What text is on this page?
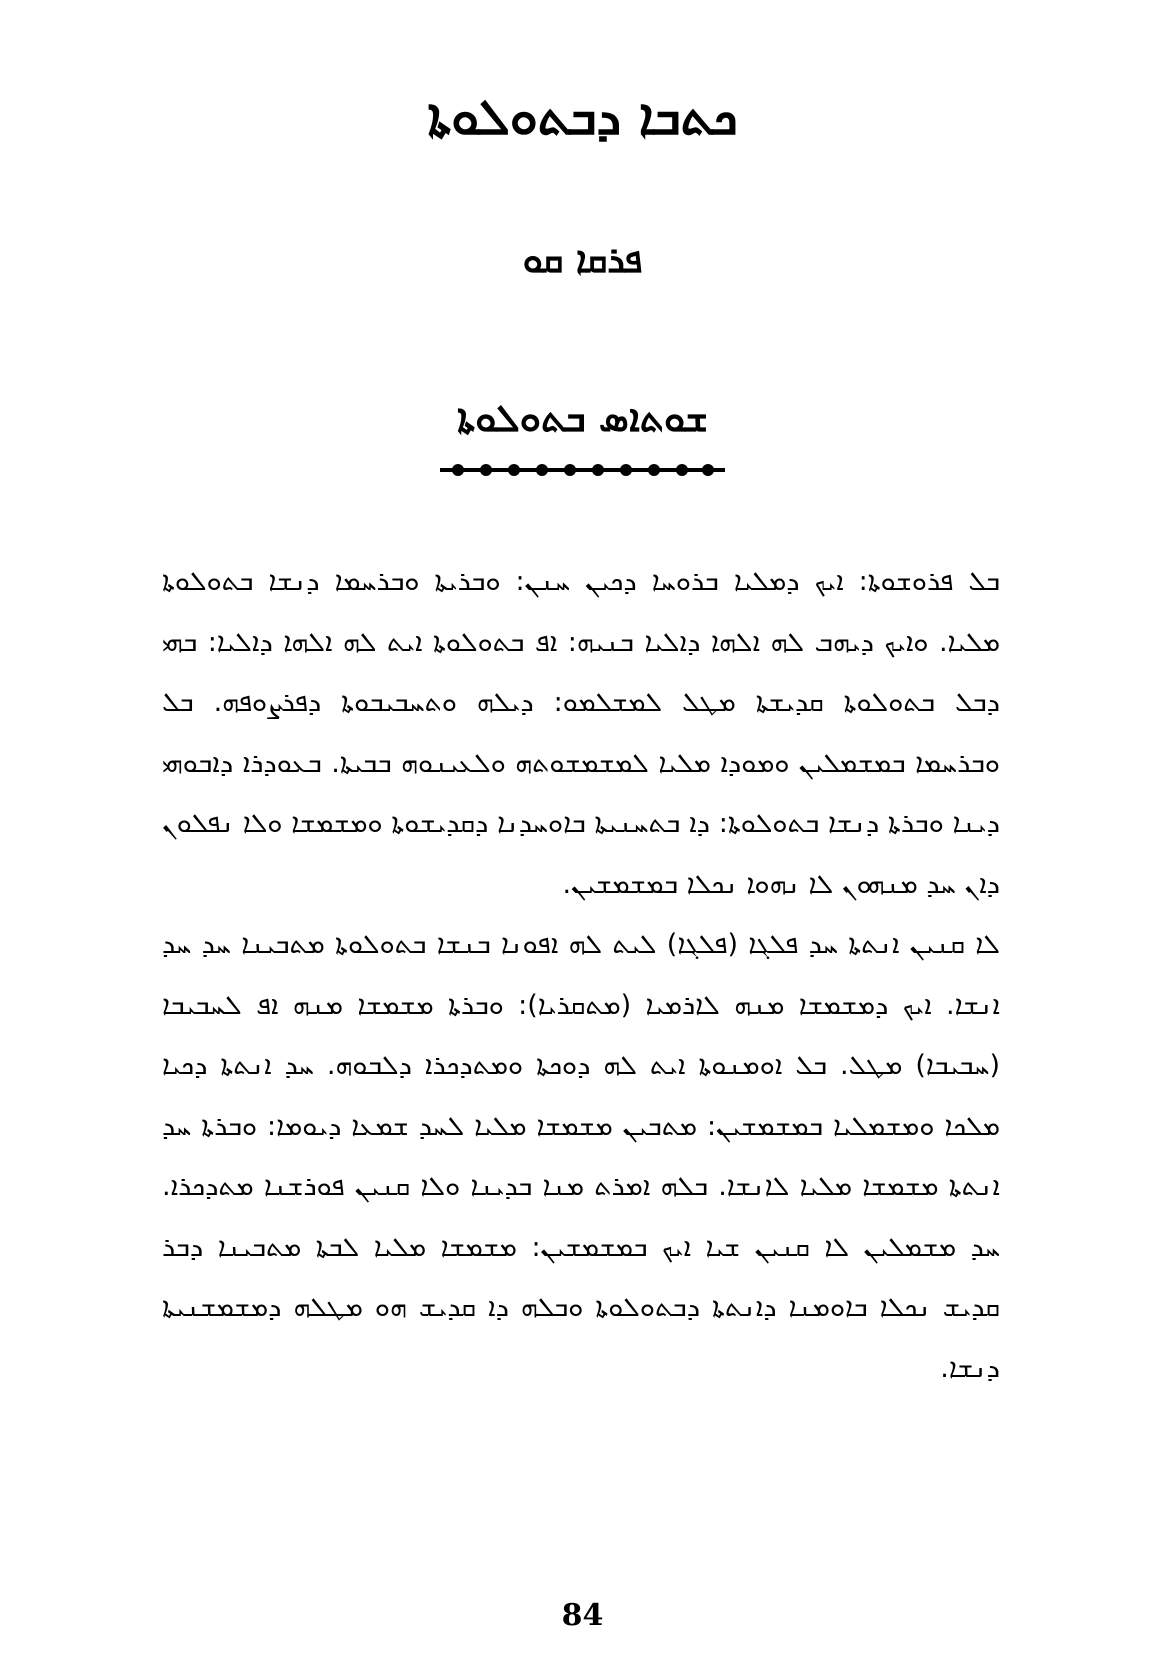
ܟܬܒܐ ܕܒܬܘܠܘܬܐ
ܦܪܩܐ ܩܘ
ܫܘܬܐܣ ܒܬܘܠܘܬܐ

ܒܠ ܦܪܘܫܘܬܐ: ܐܝܟ ܕܡܠܝܐ ܒܪܘܚܐ ܕܟܝܢ ܚܢܢ: ܘܒܪܝܬܐ ܘܒܪܚܡܐ ܕܢܫܐ ܒܬܘܠܘܬܐ ܡܠܝܐ. ܘܐܝܟ ܕܝܗܒ ܠܗ ܐܠܗܐ ܕܐܠܝܐ ܒܢܝܗ: ܐܦ ܒܬܘܠܘܬܐ ܐܝܬ ܠܗ ܐܠܗܐ ܕܐܠܝܐ: ܒܗܝ ܕܒܠ ܒܬܘܠܘܬܐ ܩܕܝܫܬܐ ܡܛܠ ܠܡܫܠܡܘ: ܕܝܠܗ ܘܬܚܒܝܒܘܬܐ ܕܦܪܨܘܦܗ. ܒܠ ܘܒܪܚܡܐ ܒܡܫܡܠܝܢ ܘܡܘܕܐ ܡܠܝܐ ܠܡܫܡܫܘܬܗ ܘܠܥܝܢܘܗ ܒܒܝܬܐ. ܒܥܘܕܪܐ ܕܐܒܘܗܝ ܕܝܢܐ ܘܒܪܬܐ ܕܢܫܐ ܒܬܘܠܘܬܐ: ܕܐ ܒܬܚܢܝܬܐ ܒܐܘܚܕܢܐ ܕܩܕܝܫܘܬܐ ܘܡܫܡܫܐ ܘܠܐ ܢܦܠܘܢ ܕܐܢ ܚܕ ܡܢܗܘܢ ܠܐ ܢܗܘܐ ܢܟܠܐ ܒܡܫܡܫܝܢ.

ܠܐ ܩܢܝܢ ܐܢܬܬܐ ܚܕ ܦܠܓܐ (ܦܠܓܐ) ܠܝܬ ܠܗ ܐܦܘܢܐ ܒܢܫܐ ܒܬܘܠܘܬܐ ܡܬܒܝܢܐ ܚܕ ܚܕ ܐܢܫܐ. ܐܝܟ ܕܡܫܡܫܐ ܡܢܗ ܠܐܪܡܝܐ (ܡܬܩܪܝܐ): ܘܒܪܬܐ ܡܫܡܫܐ ܡܢܗ ܐܦ ܠܚܒܝܒܐ (ܚܒܝܒܐ) ܡܛܠ. ܒܠ ܐܘܡܢܘܬܐ ܐܝܬ ܠܗ ܕܘܟܬܐ ܘܡܬܕܟܪܐ ܕܠܒܘܗ. ܚܕ ܐܢܬܬܐ ܕܟܝܐ ܡܠܟܐ ܘܡܫܡܠܝܐ ܒܡܫܡܫܝܢ: ܡܬܒܝܢ ܡܫܡܫܐ ܡܠܝܐ ܠܚܕ ܫܡܥܐ ܕܝܘܡܐ: ܘܒܪܬܐ ܚܕ ܐܢܬܬܐ ܡܫܡܫܐ ܡܠܝܐ ܠܐܢܫܐ. ܒܠܗ ܐܡܪܬ ܡܢܐ ܒܕܝܢܐ ܘܠܐ ܩܢܝܢ ܦܘܪܫܢܐ ܡܬܕܟܪܐ. ܚܕ ܡܫܡܠܝܢ ܠܐ ܩܢܝܢ ܫܝܐ ܐܝܟ ܒܡܫܡܫܝܢ: ܡܫܡܫܐ ܡܠܝܐ ܠܒܬܐ ܡܬܒܝܢܐ ܕܒܪ ܩܕܝܫ ܢܟܠܐ ܒܐܘܡܢܐ ܕܐܢܬܬܐ ܕܒܬܘܠܘܬܐ ܘܒܠܗ ܕܐ ܩܕܝܫ ܗܘ ܡܛܠܗ ܕܡܫܡܫܢܝܬܐ ܕܢܫܐ.

84
